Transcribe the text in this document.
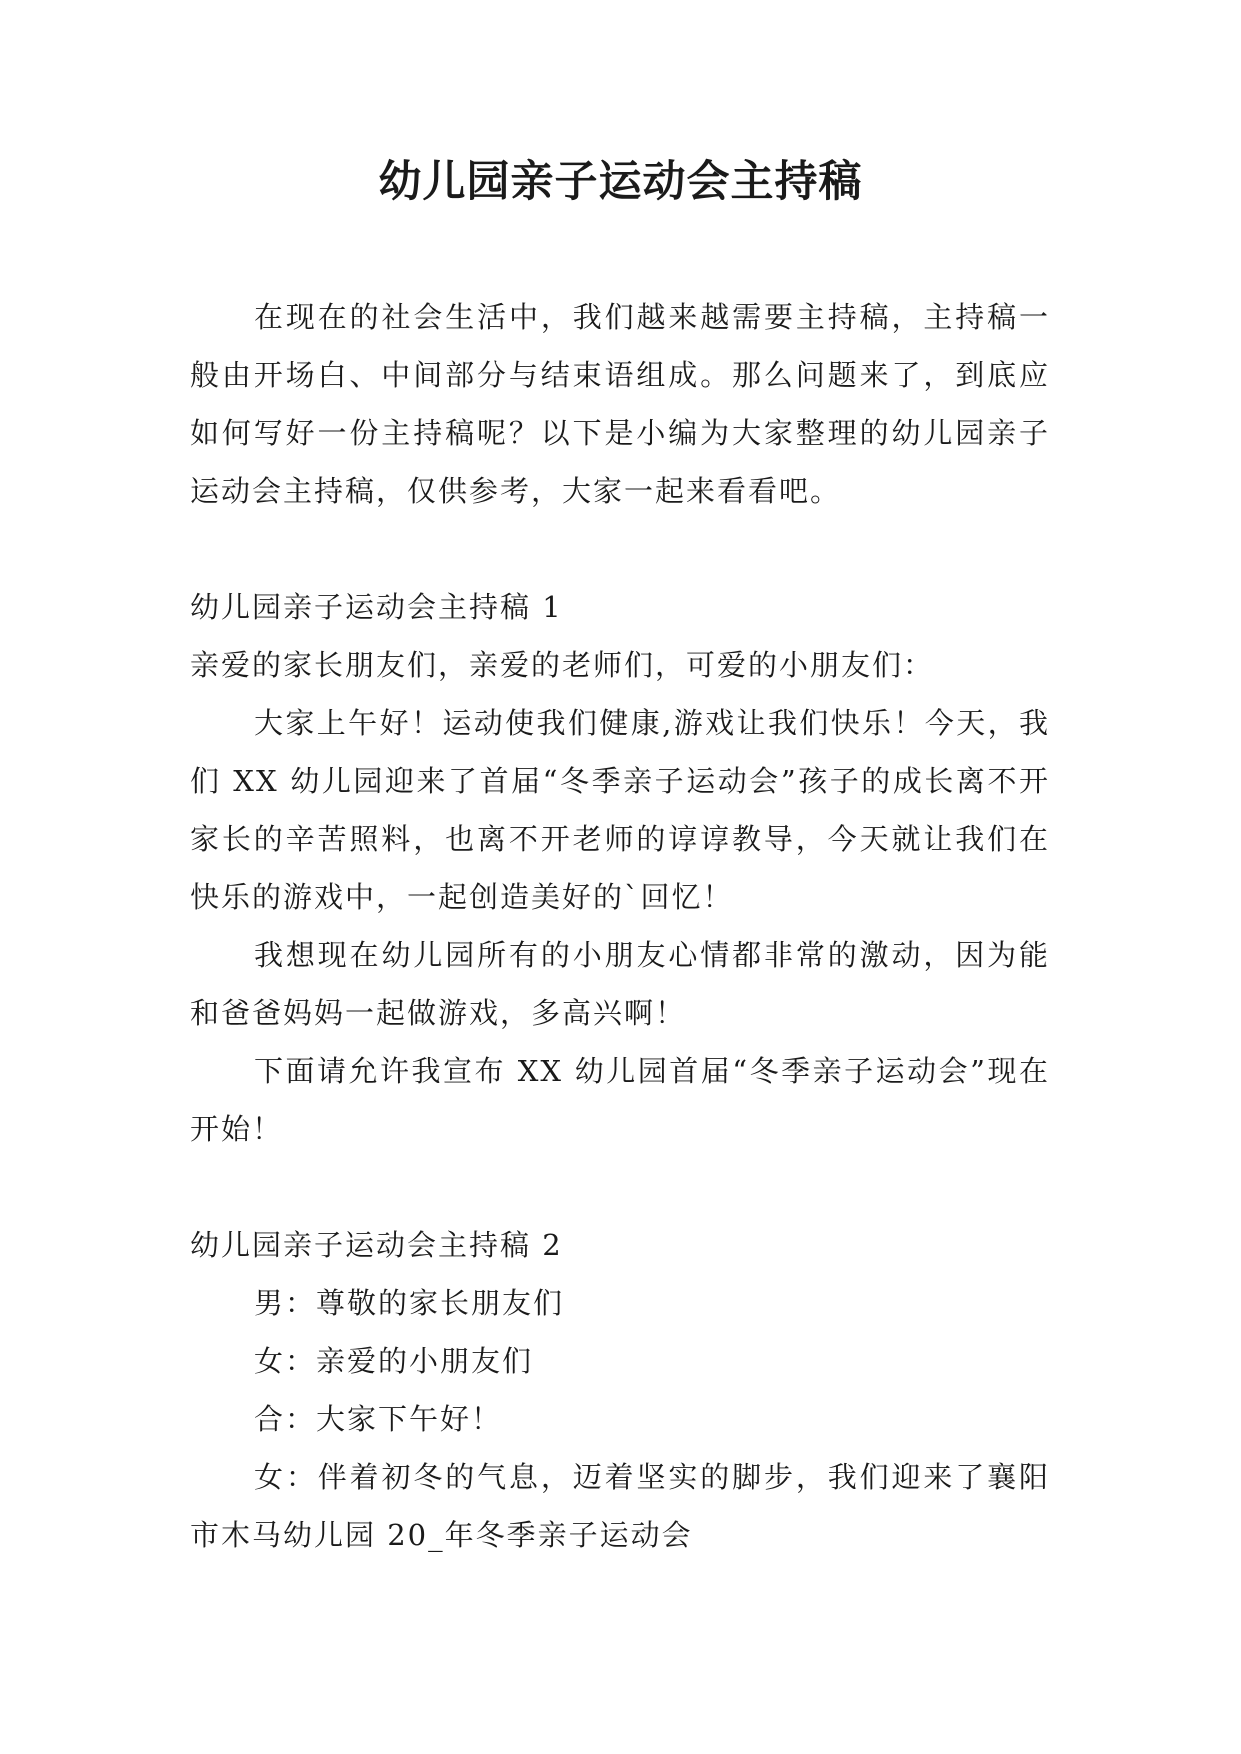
幼儿园亲子运动会主持稿

在现在的社会生活中，我们越来越需要主持稿，主持稿一般由开场白、中间部分与结束语组成。那么问题来了，到底应如何写好一份主持稿呢？以下是小编为大家整理的幼儿园亲子运动会主持稿，仅供参考，大家一起来看看吧。

幼儿园亲子运动会主持稿 1

亲爱的家长朋友们，亲爱的老师们，可爱的小朋友们：

大家上午好！运动使我们健康,游戏让我们快乐！今天，我们 XX 幼儿园迎来了首届“冬季亲子运动会”孩子的成长离不开家长的辛苦照料，也离不开老师的谆谆教导，今天就让我们在快乐的游戏中，一起创造美好的`回忆！

我想现在幼儿园所有的小朋友心情都非常的激动，因为能和爸爸妈妈一起做游戏，多高兴啊！

下面请允许我宣布 XX 幼儿园首届“冬季亲子运动会”现在开始！

幼儿园亲子运动会主持稿 2

男：尊敬的家长朋友们

女：亲爱的小朋友们

合：大家下午好！

女：伴着初冬的气息，迈着坚实的脚步，我们迎来了襄阳市木马幼儿园 20_年冬季亲子运动会
